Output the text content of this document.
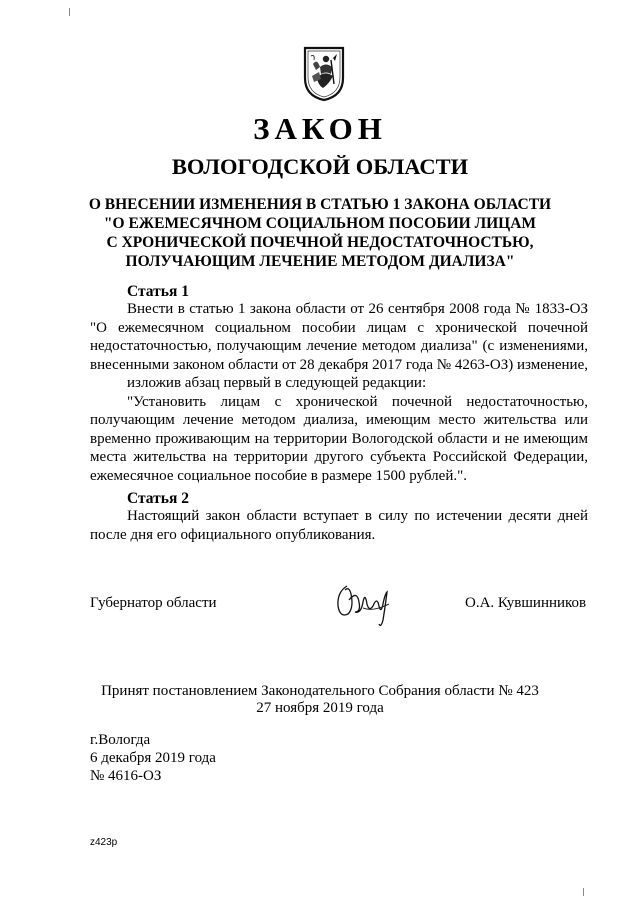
ЗАКОН
ВОЛОГОДСКОЙ ОБЛАСТИ
О ВНЕСЕНИИ ИЗМЕНЕНИЯ В СТАТЬЮ 1 ЗАКОНА ОБЛАСТИ
"О ЕЖЕМЕСЯЧНОМ СОЦИАЛЬНОМ ПОСОБИИ ЛИЦАМ
С ХРОНИЧЕСКОЙ ПОЧЕЧНОЙ НЕДОСТАТОЧНОСТЬЮ,
ПОЛУЧАЮЩИМ ЛЕЧЕНИЕ МЕТОДОМ ДИАЛИЗА"
Статья 1
Внести в статью 1 закона области от 26 сентября 2008 года № 1833-ОЗ
"О ежемесячном социальном пособии лицам с хронической почечной
недостаточностью, получающим лечение методом диализа" (с изменениями,
внесенными законом области от 28 декабря 2017 года № 4263-ОЗ) изменение,
изложив абзац первый в следующей редакции:
"Установить лицам с хронической почечной недостаточностью,
получающим лечение методом диализа, имеющим место жительства или
временно проживающим на территории Вологодской области и не имеющим
места жительства на территории другого субъекта Российской Федерации,
ежемесячное социальное пособие в размере 1500 рублей.".
Статья 2
Настоящий закон области вступает в силу по истечении десяти дней
после дня его официального опубликования.
Губернатор области	О.А. Кувшинников
Принят постановлением Законодательного Собрания области № 423
27 ноября 2019 года
г.Вологда
6 декабря 2019 года
№ 4616-ОЗ
z423р
